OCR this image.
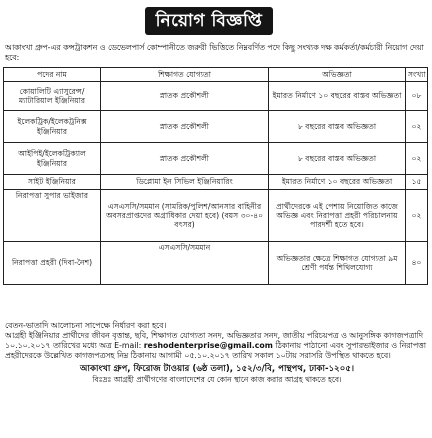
নিয়োগ বিজ্ঞপ্তি
আকাংখা গ্রুপ-এর কন্সট্রাকশন ও ডেভেলপার্স কোম্পানীতে জরুরী ভিত্তিতে নিম্নবর্ণিত পদে কিছু সংখ্যক দক্ষ কর্মকর্তা/কর্মচারী নিয়োগ দেয়া হবে:
পদের নাম	শিক্ষাগত যোগ্যতা	অভিজ্ঞতা	সংখ্যা
কোয়ালিটি এ্যাসুরেন্স/ ম্যাটারিয়াল ইঞ্জিনিয়ার	স্নাতক প্রকৌশলী	ইমারত নির্মাণে ১০ বছরের বাস্তব অভিজ্ঞতা	০৮
ইলেকট্রিক/ইলেকট্রনিক্স ইঞ্জিনিয়ার	স্নাতক প্রকৌশলী	৮ বছরের বাস্তব অভিজ্ঞতা	০২
আইপিই/ইলেকট্রিক্যাল ইঞ্জিনিয়ার	স্নাতক প্রকৌশলী	৮ বছরের বাস্তব অভিজ্ঞতা	০২
সাইট ইঞ্জিনিয়ার	ডিপ্লোমা ইন সিভিল ইঞ্জিনিয়ারিং	ইমারত নির্মাণে ১০ বছরের অভিজ্ঞতা	১৫
নিরাপত্তা সুপার ভাইজার	এসএসসি/সমমান (সামরিক/পুলিশ/আনসার বাহিনীর অবসরপ্রাপ্তদের অগ্রাধিকার দেয়া হবে) (বয়স ৩০-৪০ বৎসর)	প্রার্থীদেরকে এই পেশায় নিয়োজিত কাজে অভিজ্ঞ এবং নিরাপত্তা প্রহরী পরিচালনায় পারদর্শী হতে হবে।	০২
নিরাপত্তা প্রহরী (দিবা-নৈশ)	এসএসসি/সমমান	অভিজ্ঞতার ক্ষেত্রে শিক্ষাগত যোগ্যতা ৯ম শ্রেণী পর্যন্ত শিথিলযোগ্য	৪০

বেতন-ভাতাদি আলোচনা সাপেক্ষে নির্ধারণ করা হবে।

আগ্রহী ইঞ্জিনিয়ার প্রার্থীদের জীবন বৃত্তান্ত, ছবি, শিক্ষাগত যোগ্যতা সনদ, অভিজ্ঞতার সনদ, জাতীয় পরিচয়পত্র ও আনুসঙ্গিক কাগজপত্রাদি ১০.১০.২০১৭ তারিখের মধ্যে অত্র E-mail: reshodenterprise@gmail.com ঠিকানায় পাঠানো এবং সুপারভাইজার ও নিরাপত্তা প্রহরীদেরকে উল্লেখিত কাগজপত্রসহ নিম্ন ঠিকানায় আগামী ০৫.১০.২০১৭ তারিখ সকাল ১০টায় সরাসরি উপস্থিত থাকতে হবে।

আকাংখা গ্রুপ, ফিরোজ টাওয়ার (৬ষ্ঠ তলা), ১৫২/৩/বি, পান্থপথ, ঢাকা-১২০৫।

বিঃদ্রঃ আগ্রহী প্রার্থীগণের বাংলাদেশের যে কোন স্থানে কাজ করার আগ্রহ থাকতে হবে।
